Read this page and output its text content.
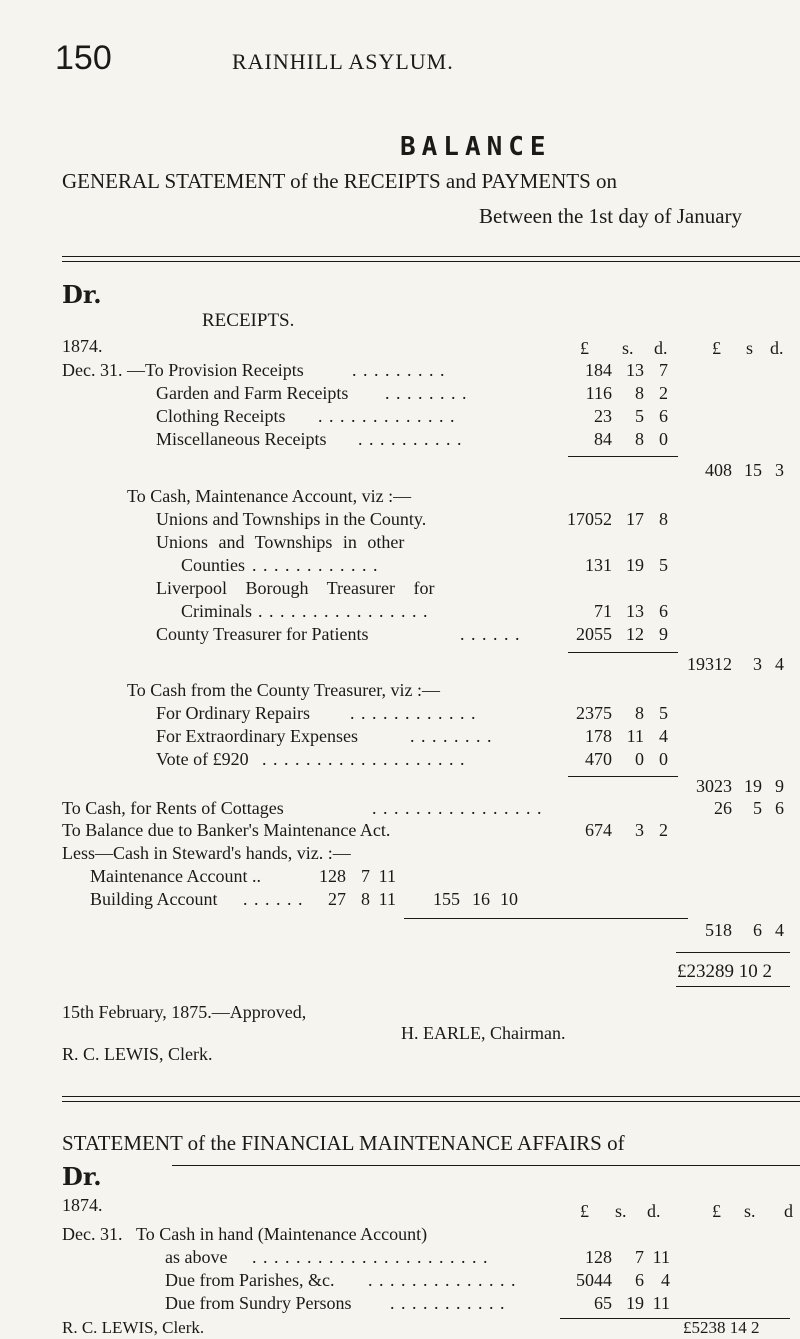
150	RAINHILL ASYLUM.
BALANCE
GENERAL STATEMENT of the RECEIPTS and PAYMENTS on
Between the 1st day of January
Dr.
RECEIPTS.
1874.	£ s. d. £ s d.
Dec. 31. —To Provision Receipts	. . . . . . . . .	184 13 7
Garden and Farm Receipts . . . . . . . .	116	8 2
Clothing Receipts . . . . . . . . . . . . .	23	5 6
Miscellaneous Receipts . . . . . . . . . .	84	8 0
408 15 3
To Cash, Maintenance Account, viz :—
Unions and Townships in the County.	17052 17 8
Unions and Townships in other
Counties . . . . . . . . . . . .	131 19 5
Liverpool Borough Treasurer for
Criminals . . . . . . . . . . . . . . . .	71 13 6
County Treasurer for Patients	. . . . . .	2055 12 9
19312	3 4
To Cash from the County Treasurer, viz :—
For Ordinary Repairs . . . . . . . . . . . .	2375	8 5
For Extraordinary Expenses	. . . . . . . .	178 11 4
Vote of £920 . . . . . . . . . . . . . . . . . . .	470	0 0
3023 19 9
To Cash, for Rents of Cottages	. . . . . . . . . . . . . . . .	26	5 6
To Balance due to Banker's Maintenance Act.	674	3 2
Less—Cash in Steward's hands, viz. :—
Maintenance Account ..	128 7 11
Building Account . . . . . .	27 8 11	155 16 10
518	6 4
£23289 10 2
15th February, 1875.—Approved,
H. EARLE, Chairman.
R. C. LEWIS, Clerk.
STATEMENT of the FINANCIAL MAINTENANCE AFFAIRS of
Dr.
1874.	£ s. d.	£ s. d
Dec. 31. To Cash in hand (Maintenance Account)
as above . . . . . . . . . . . . . . . . . . . . . .	128	7 11
Due from Parishes, &c. . . . . . . . . . . . . . .	5044	6 4
Due from Sundry Persons . . . . . . . . . . .	65 19 11
£5238 14 2
R. C. LEWIS, Clerk.
